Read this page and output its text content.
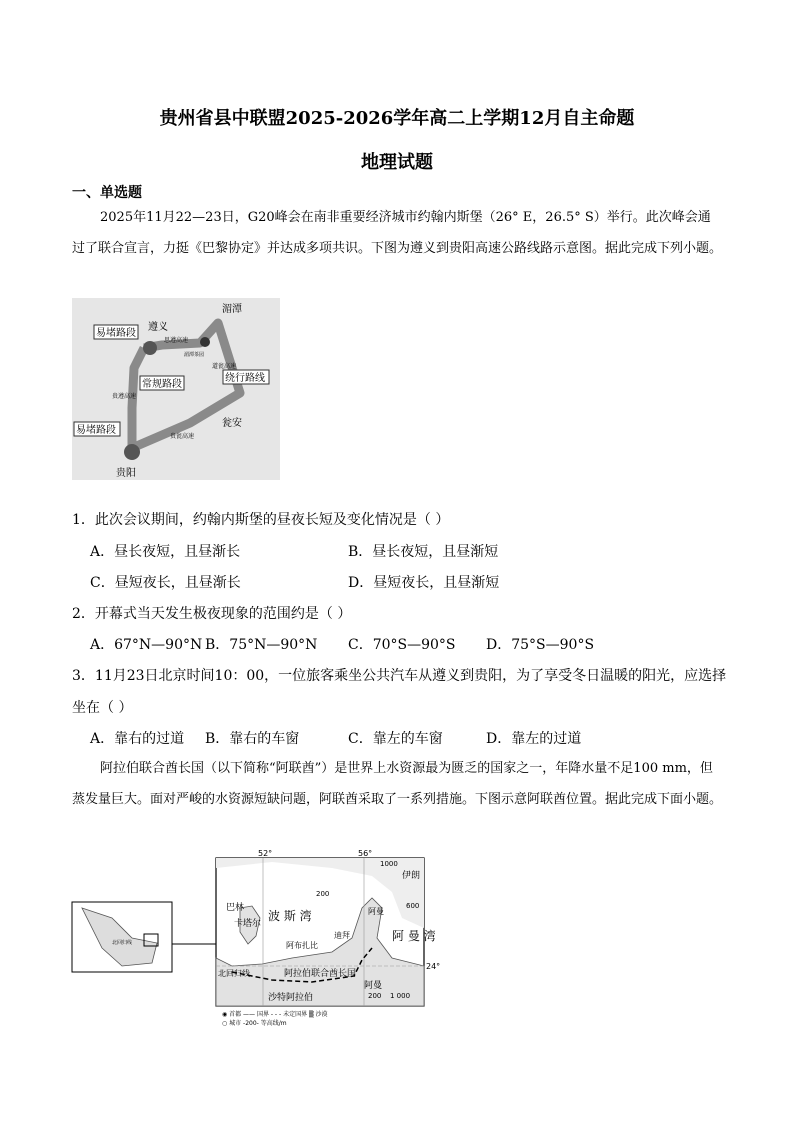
贵州省县中联盟2025-2026学年高二上学期12月自主命题
地理试题
一、单选题
2025年11月22—23日，G20峰会在南非重要经济城市约翰内斯堡（26° E，26.5° S）举行。此次峰会通过了联合宣言，力挺《巴黎协定》并达成多项共识。下图为遵义到贵阳高速公路线路示意图。据此完成下列小题。
易堵路段
常规路段
绕行路线
易堵路段
遵义
湄潭
瓮安
贵阳
思遵高速
湄潭茶园
贵遵高速
道瓮高速
贵瓮高速
1．此次会议期间，约翰内斯堡的昼夜长短及变化情况是（ ）
A．昼长夜短，且昼渐长	B．昼长夜短，且昼渐短
C．昼短夜长，且昼渐长	D．昼短夜长，且昼渐短
2．开幕式当天发生极夜现象的范围约是（ ）
A．67°N—90°N B．75°N—90°N C．70°S—90°S D．75°S—90°S
3．11月23日北京时间10：00，一位旅客乘坐公共汽车从遵义到贵阳，为了享受冬日温暖的阳光，应选择
坐在（ ）
A．靠右的过道 B．靠右的车窗	C．靠左的车窗	D．靠左的过道
阿拉伯联合酋长国（以下简称“阿联酋”）是世界上水资源最为匮乏的国家之一，年降水量不足100 mm，但蒸发量巨大。面对严峻的水资源短缺问题，阿联酋采取了一系列措施。下图示意阿联酋位置。据此完成下面小题。
北回归线
52°	56°
24°
1000
200
600
200 1 000
伊朗
巴林
卡塔尔
波 斯 湾
阿 曼 湾
阿布扎比
迪拜
阿曼
阿曼
阿拉伯联合酋长国
沙特阿拉伯
北回归线
◉ 首都 —— 国界 - - - 未定国界 ▒ 沙漠
○ 城市 -200- 等高线/m
